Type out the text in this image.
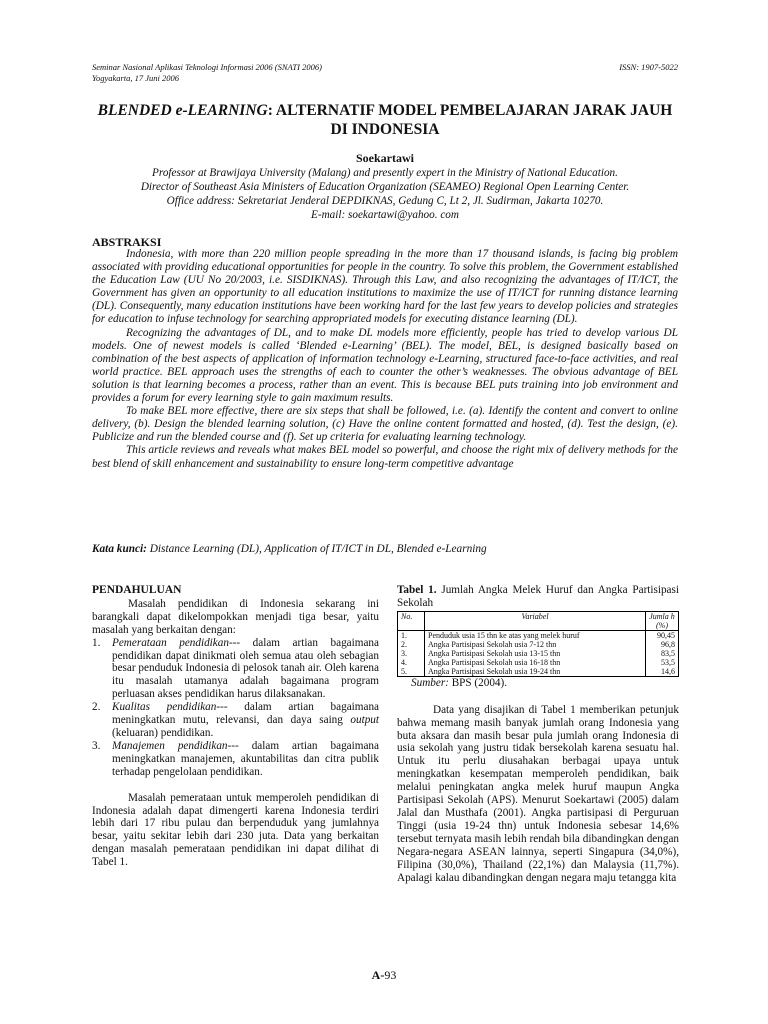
Seminar Nasional Aplikasi Teknologi Informasi 2006 (SNATI 2006)
Yogyakarta, 17 Juni 2006
ISSN: 1907-5022
BLENDED e-LEARNING: ALTERNATIF MODEL PEMBELAJARAN JARAK JAUH
DI INDONESIA
Soekartawi
Professor at Brawijaya University (Malang) and presently expert in the Ministry of National Education.
Director of Southeast Asia Ministers of Education Organization (SEAMEO) Regional Open Learning Center.
Office address: Sekretariat Jenderal DEPDIKNAS, Gedung C, Lt 2, Jl. Sudirman, Jakarta 10270.
E-mail: soekartawi@yahoo. com
ABSTRAKSI

Indonesia, with more than 220 million people spreading in the more than 17 thousand islands, is facing big problem associated with providing educational opportunities for people in the country. To solve this problem, the Government established the Education Law (UU No 20/2003, i.e. SISDIKNAS). Through this Law, and also recognizing the advantages of IT/ICT, the Government has given an opportunity to all education institutions to maximize the use of IT/ICT for running distance learning (DL). Consequently, many education institutions have been working hard for the last few years to develop policies and strategies for education to infuse technology for searching appropriated models for executing distance learning (DL).

Recognizing the advantages of DL, and to make DL models more efficiently, people has tried to develop various DL models. One of newest models is called ‘Blended e-Learning’ (BEL). The model, BEL, is designed basically based on combination of the best aspects of application of information technology e-Learning, structured face-to-face activities, and real world practice. BEL approach uses the strengths of each to counter the other’s weaknesses. The obvious advantage of BEL solution is that learning becomes a process, rather than an event. This is because BEL puts training into job environment and provides a forum for every learning style to gain maximum results.

To make BEL more effective, there are six steps that shall be followed, i.e. (a). Identify the content and convert to online delivery, (b). Design the blended learning solution, (c) Have the online content formatted and hosted, (d). Test the design, (e). Publicize and run the blended course and (f). Set up criteria for evaluating learning technology.

This article reviews and reveals what makes BEL model so powerful, and choose the right mix of delivery methods for the best blend of skill enhancement and sustainability to ensure long-term competitive advantage

Kata kunci: Distance Learning (DL), Application of IT/ICT in DL, Blended e-Learning
PENDAHULUAN

Masalah pendidikan di Indonesia sekarang ini barangkali dapat dikelompokkan menjadi tiga besar, yaitu masalah yang berkaitan dengan:

1. Pemerataan pendidikan--- dalam artian bagaimana pendidikan dapat dinikmati oleh semua atau oleh sebagian besar penduduk Indonesia di pelosok tanah air. Oleh karena itu masalah utamanya adalah bagaimana program perluasan akses pendidikan harus dilaksanakan.
2. Kualitas pendidikan--- dalam artian bagaimana meningkatkan mutu, relevansi, dan daya saing output (keluaran) pendidikan.
3. Manajemen pendidikan--- dalam artian bagaimana meningkatkan manajemen, akuntabilitas dan citra publik terhadap pengelolaan pendidikan.

Masalah pemerataan untuk memperoleh pendidikan di Indonesia adalah dapat dimengerti karena Indonesia terdiri lebih dari 17 ribu pulau dan berpenduduk yang jumlahnya besar, yaitu sekitar lebih dari 230 juta. Data yang berkaitan dengan masalah pemerataan pendidikan ini dapat dilihat di Tabel 1.

Tabel 1. Jumlah Angka Melek Huruf dan Angka Partisipasi Sekolah
No.	Variabel	Jumla h (%)
1.	Penduduk usia 15 thn ke atas yang melek huruf	90,45
2.	Angka Partisipasi Sekolah usia 7-12 thn	96,8
3.	Angka Partisipasi Sekolah usia 13-15 thn	83,5
4.	Angka Partisipasi Sekolah usia 16-18 thn	53,5
5.	Angka Partisipasi Sekolah usia 19-24 thn	14,6
Sumber: BPS (2004).

Data yang disajikan di Tabel 1 memberikan petunjuk bahwa memang masih banyak jumlah orang Indonesia yang buta aksara dan masih besar pula jumlah orang Indonesia di usia sekolah yang justru tidak bersekolah karena sesuatu hal. Untuk itu perlu diusahakan berbagai upaya untuk meningkatkan kesempatan memperoleh pendidikan, baik melalui peningkatan angka melek huruf maupun Angka Partisipasi Sekolah (APS). Menurut Soekartawi (2005) dalam Jalal dan Musthafa (2001). Angka partisipasi di Perguruan Tinggi (usia 19-24 thn) untuk Indonesia sebesar 14,6% tersebut ternyata masih lebih rendah bila dibandingkan dengan Negara-negara ASEAN lainnya, seperti Singapura (34,0%), Filipina (30,0%), Thailand (22,1%) dan Malaysia (11,7%). Apalagi kalau dibandingkan dengan negara maju tetangga kita

A-93
